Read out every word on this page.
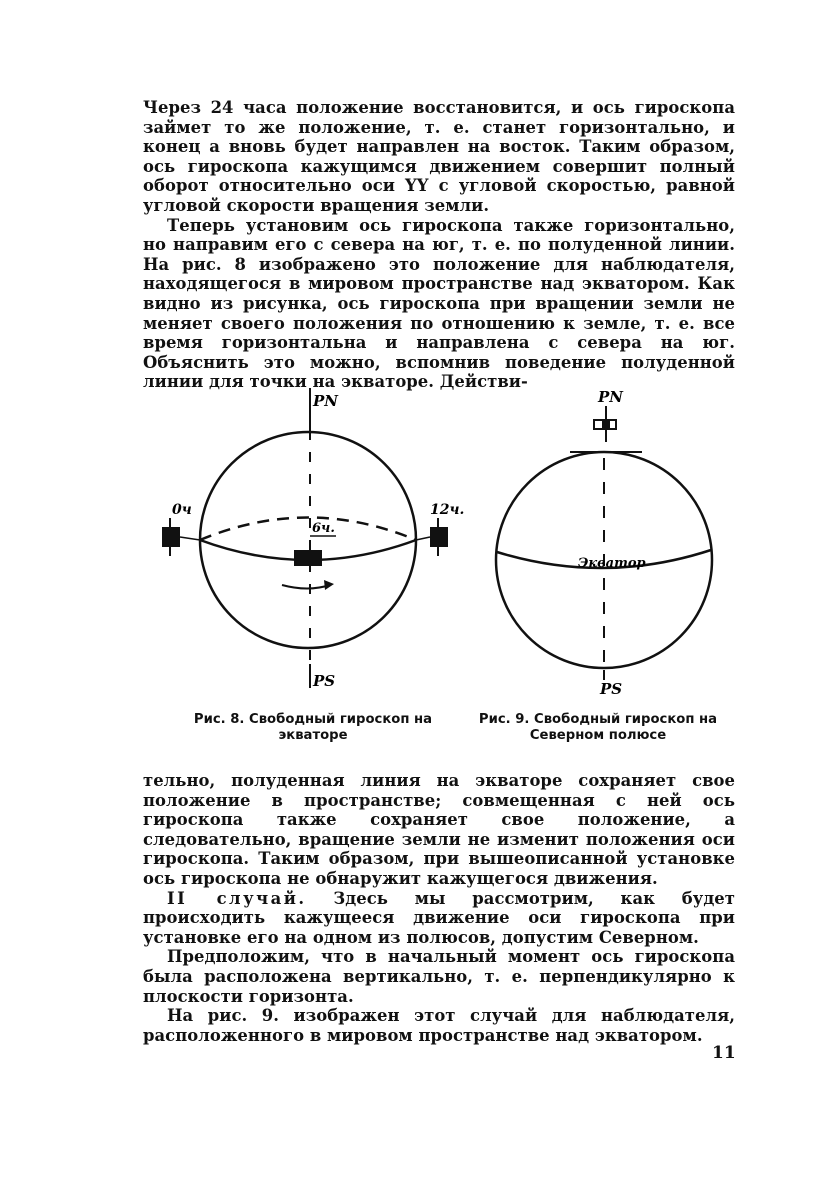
Через 24 часа положение восстановится, и ось гироскопа займет то же положение, т. е. станет горизонтально, и конец a вновь будет направлен на восток. Таким образом, ось гироскопа кажущимся движением совершит полный оборот относительно оси YY с угловой скоростью, равной угловой скорости вращения земли.

Теперь установим ось гироскопа также горизонтально, но направим его с севера на юг, т. е. по полуденной линии. На рис. 8 изображено это положение для наблюдателя, находящегося в мировом пространстве над экватором. Как видно из рисунка, ось гироскопа при вращении земли не меняет своего положения по отношению к земле, т. е. все время горизонтальна и направлена с севера на юг. Объяснить это можно, вспомнив поведение полуденной линии для точки на экваторе. Действи-

PN
PS
0ч	12ч.
6ч.
PN
PS
Экватор
Рис. 8. Свободный гироскоп на экваторе
Рис. 9. Свободный гироскоп на Северном полюсе

тельно, полуденная линия на экваторе сохраняет свое положение в пространстве; совмещенная с ней ось гироскопа также сохраняет свое положение, а следовательно, вращение земли не изменит положения оси гироскопа. Таким образом, при вышеописанной установке ось гироскопа не обнаружит кажущегося движения.

II случай. Здесь мы рассмотрим, как будет происходить кажущееся движение оси гироскопа при установке его на одном из полюсов, допустим Северном.

Предположим, что в начальный момент ось гироскопа была расположена вертикально, т. е. перпендикулярно к плоскости горизонта.

На рис. 9. изображен этот случай для наблюдателя, расположенного в мировом пространстве над экватором.

11
